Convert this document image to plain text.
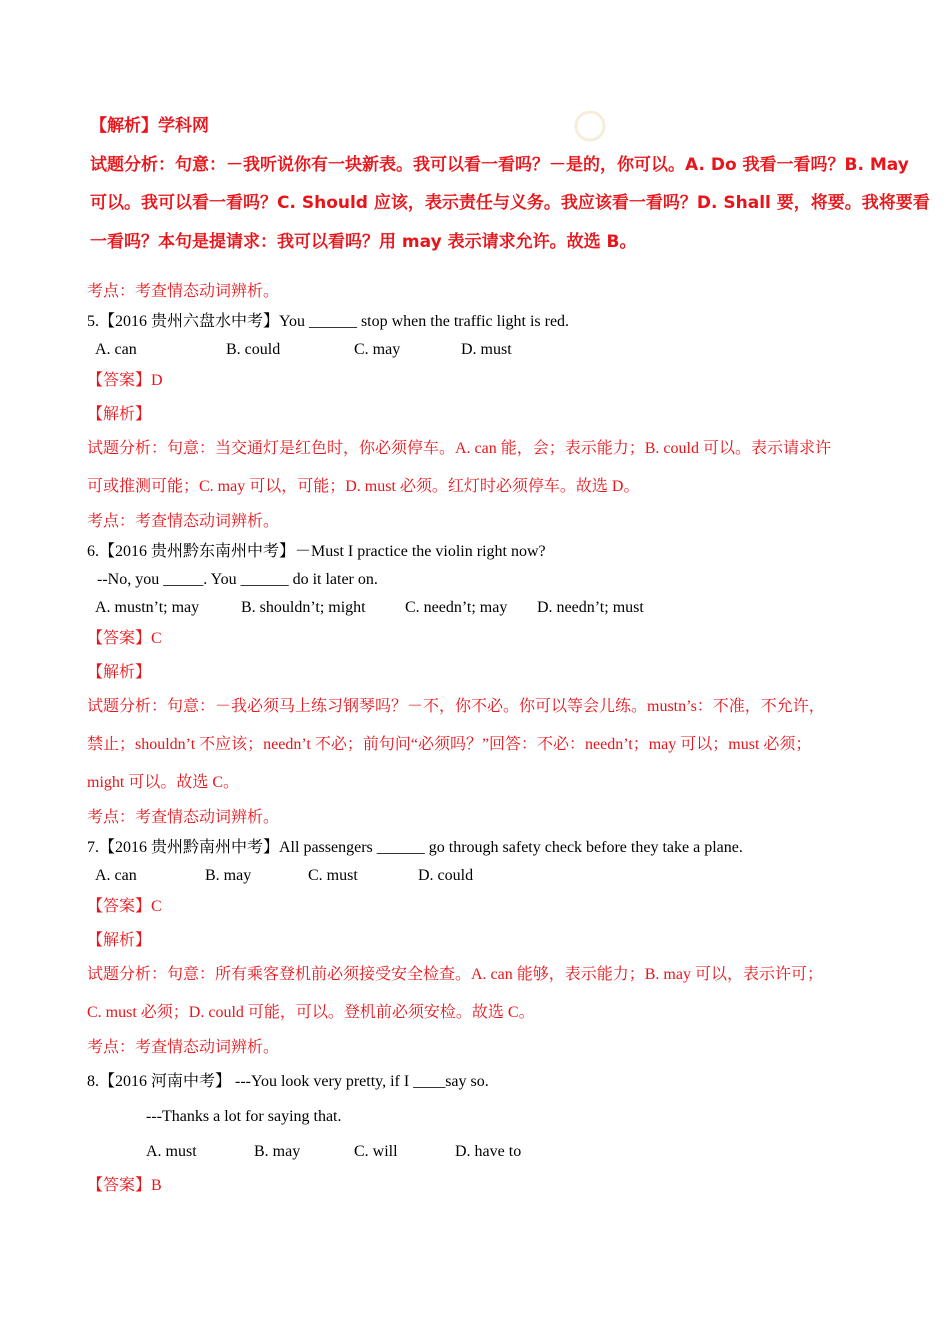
【解析】学科网
试题分析：句意：－我听说你有一块新表。我可以看一看吗？－是的，你可以。A. Do 我看一看吗？B. May
可以。我可以看一看吗？C. Should 应该，表示责任与义务。我应该看一看吗？D. Shall 要，将要。我将要看
一看吗？本句是提请求：我可以看吗？用 may 表示请求允许。故选 B。
考点：考查情态动词辨析。
5.【2016 贵州六盘水中考】You ______ stop when the traffic light is red.
A. can	B. could	C. may	D. must
【答案】D
【解析】
试题分析：句意：当交通灯是红色时，你必须停车。A. can 能，会；表示能力；B. could 可以。表示请求许
可或推测可能；C. may 可以，可能；D. must 必须。红灯时必须停车。故选 D。
考点：考查情态动词辨析。
6.【2016 贵州黔东南州中考】－Must I practice the violin right now?
--No, you _____. You ______ do it later on.
A. mustn’t; may	B. shouldn’t; might C. needn’t; may D. needn’t; must
【答案】C
【解析】
试题分析：句意：－我必须马上练习钢琴吗？－不，你不必。你可以等会儿练。mustn’s：不准，不允许，
禁止；shouldn’t 不应该；needn’t 不必；前句问“必须吗？”回答：不必：needn’t；may 可以；must 必须；
might 可以。故选 C。
考点：考查情态动词辨析。
7.【2016 贵州黔南州中考】All passengers ______ go through safety check before they take a plane.
A. can	B. may	C. must	D. could
【答案】C
【解析】
试题分析：句意：所有乘客登机前必须接受安全检查。A. can 能够，表示能力；B. may 可以，表示许可；
C. must 必须；D. could 可能，可以。登机前必须安检。故选 C。
考点：考查情态动词辨析。
8.【2016 河南中考】 ---You look very pretty, if I ____say so.
---Thanks a lot for saying that.
A. must	B. may	C. will	D. have to
【答案】B
